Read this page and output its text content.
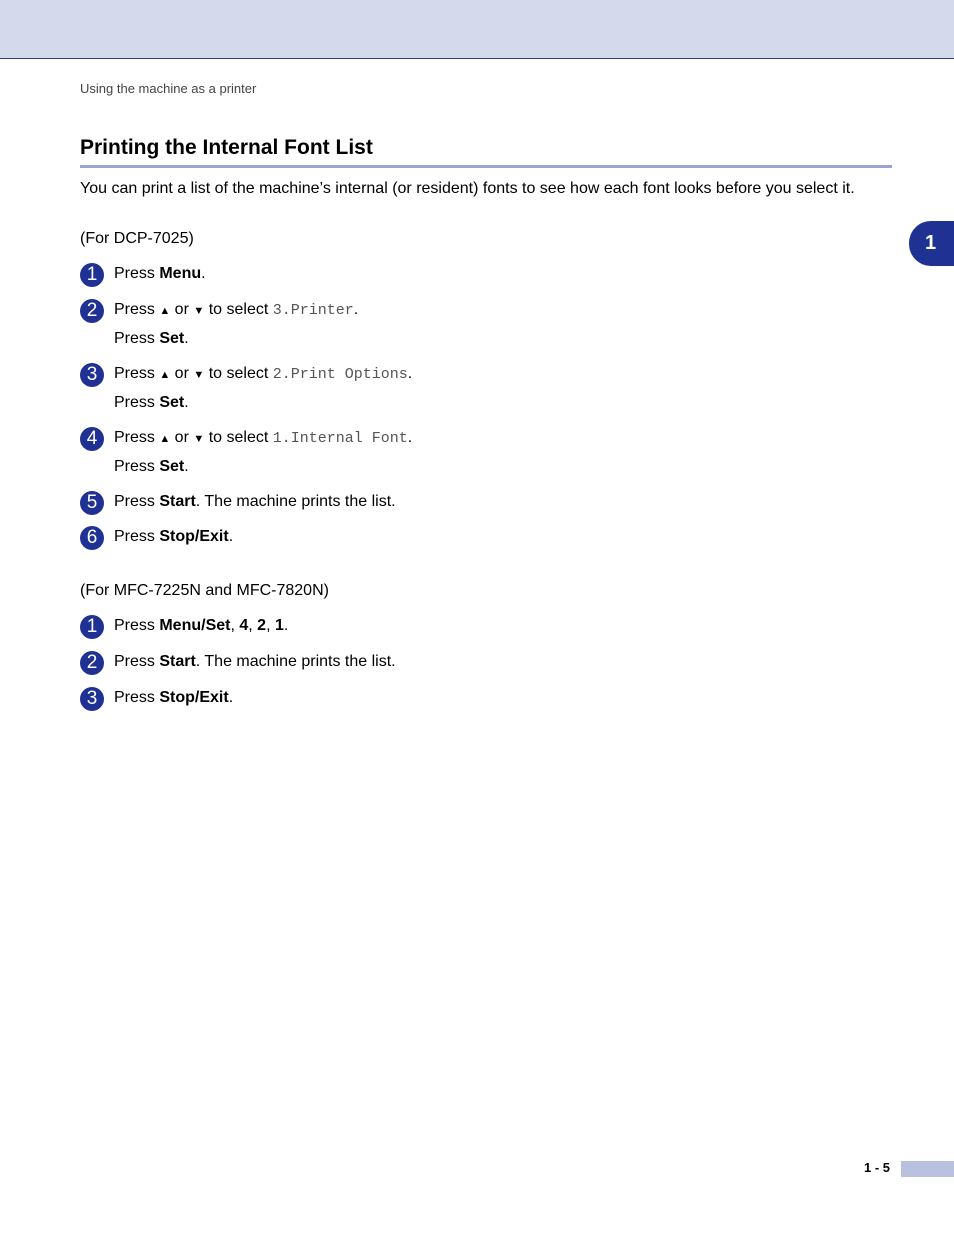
Using the machine as a printer
Printing the Internal Font List
You can print a list of the machine’s internal (or resident) fonts to see how each font looks before you select it.
1
(For DCP-7025)
1	Press Menu.
2	Press ▲ or ▼ to select 3.Printer.
Press Set.
3	Press ▲ or ▼ to select 2.Print Options.
Press Set.
4	Press ▲ or ▼ to select 1.Internal Font.
Press Set.
5	Press Start. The machine prints the list.
6	Press Stop/Exit.
(For MFC-7225N and MFC-7820N)
1	Press Menu/Set, 4, 2, 1.
2	Press Start. The machine prints the list.
3	Press Stop/Exit.
1 - 5
